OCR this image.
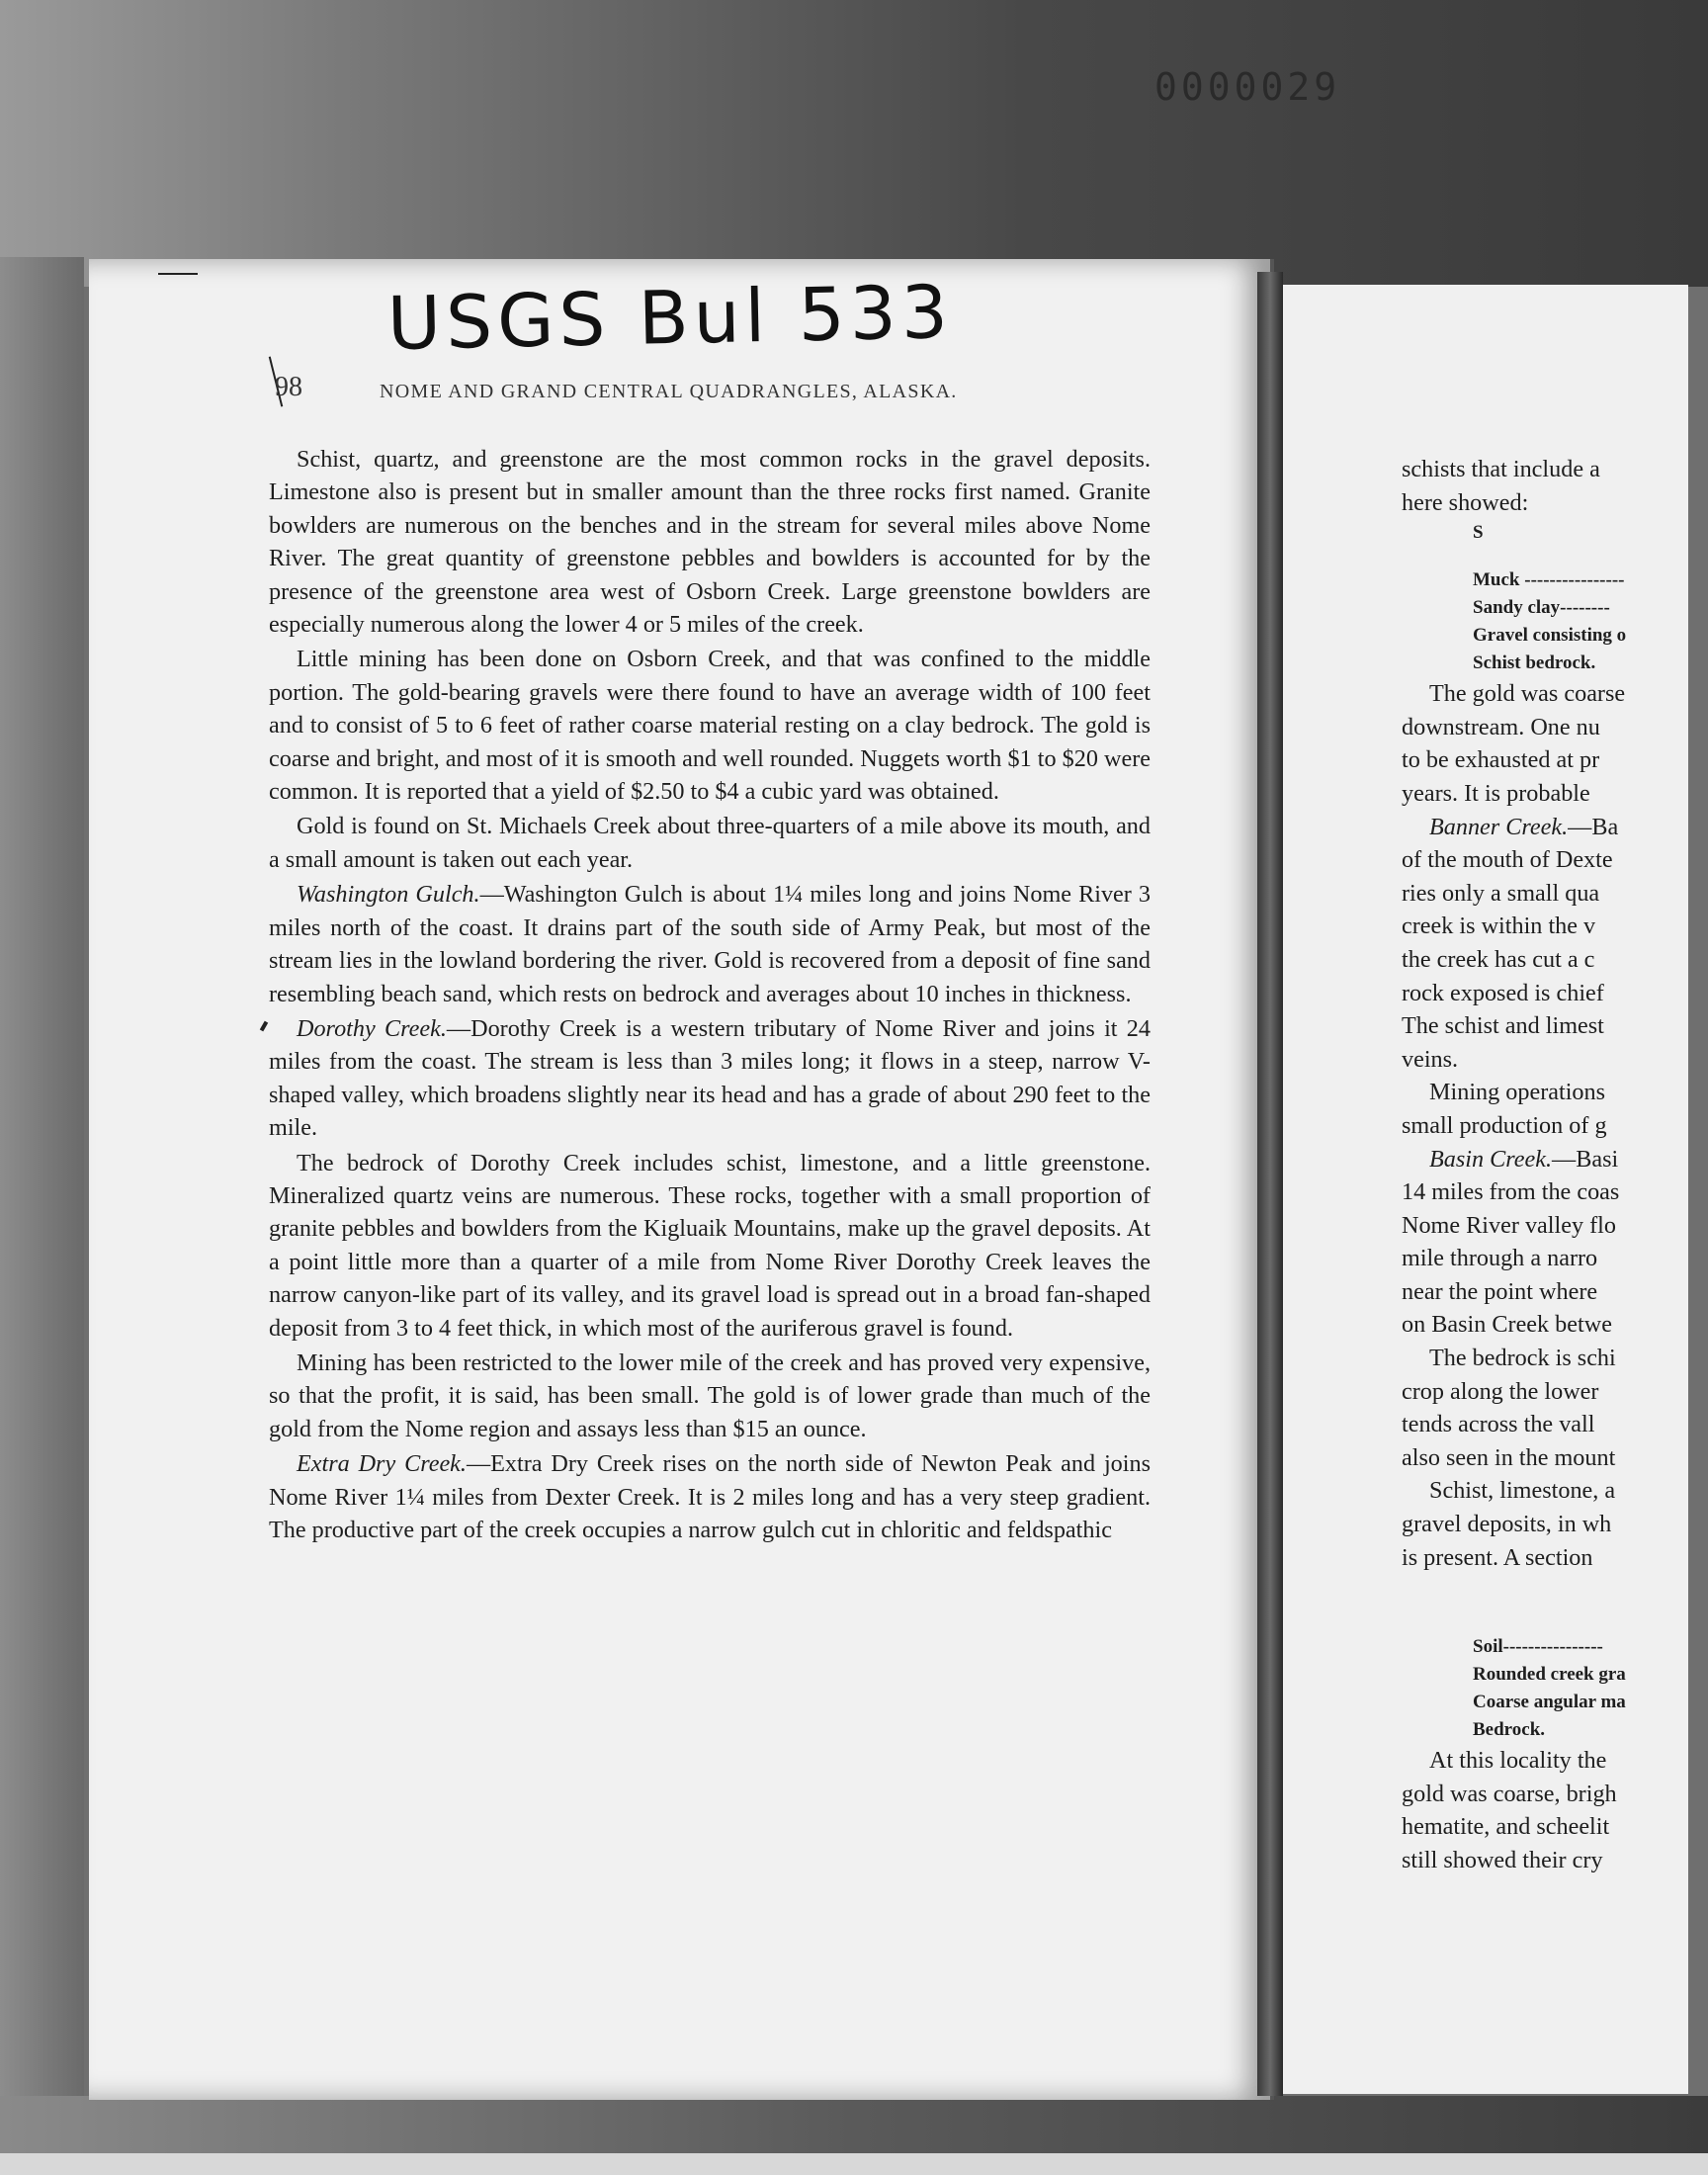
0000029
USGS Bul 533
98	NOME AND GRAND CENTRAL QUADRANGLES, ALASKA.

Schist, quartz, and greenstone are the most common rocks in the gravel deposits. Limestone also is present but in smaller amount than the three rocks first named. Granite bowlders are numerous on the benches and in the stream for several miles above Nome River. The great quantity of greenstone pebbles and bowlders is accounted for by the presence of the greenstone area west of Osborn Creek. Large greenstone bowlders are especially numerous along the lower 4 or 5 miles of the creek.

Little mining has been done on Osborn Creek, and that was confined to the middle portion. The gold-bearing gravels were there found to have an average width of 100 feet and to consist of 5 to 6 feet of rather coarse material resting on a clay bedrock. The gold is coarse and bright, and most of it is smooth and well rounded. Nuggets worth $1 to $20 were common. It is reported that a yield of $2.50 to $4 a cubic yard was obtained.

Gold is found on St. Michaels Creek about three-quarters of a mile above its mouth, and a small amount is taken out each year.

Washington Gulch.—Washington Gulch is about 1¼ miles long and joins Nome River 3 miles north of the coast. It drains part of the south side of Army Peak, but most of the stream lies in the lowland bordering the river. Gold is recovered from a deposit of fine sand resembling beach sand, which rests on bedrock and averages about 10 inches in thickness.

Dorothy Creek.—Dorothy Creek is a western tributary of Nome River and joins it 24 miles from the coast. The stream is less than 3 miles long; it flows in a steep, narrow V-shaped valley, which broadens slightly near its head and has a grade of about 290 feet to the mile.

The bedrock of Dorothy Creek includes schist, limestone, and a little greenstone. Mineralized quartz veins are numerous. These rocks, together with a small proportion of granite pebbles and bowlders from the Kigluaik Mountains, make up the gravel deposits. At a point little more than a quarter of a mile from Nome River Dorothy Creek leaves the narrow canyon-like part of its valley, and its gravel load is spread out in a broad fan-shaped deposit from 3 to 4 feet thick, in which most of the auriferous gravel is found.

Mining has been restricted to the lower mile of the creek and has proved very expensive, so that the profit, it is said, has been small. The gold is of lower grade than much of the gold from the Nome region and assays less than $15 an ounce.

Extra Dry Creek.—Extra Dry Creek rises on the north side of Newton Peak and joins Nome River 1¼ miles from Dexter Creek. It is 2 miles long and has a very steep gradient. The productive part of the creek occupies a narrow gulch cut in chloritic and feldspathic

schists that include a
here showed:
S
Muck ----------------
Sandy clay--------
Gravel consisting o
Schist bedrock.
The gold was coarse
downstream. One nu
to be exhausted at pr
years. It is probable
Banner Creek.—Ba
of the mouth of Dexte
ries only a small qua
creek is within the v
the creek has cut a c
rock exposed is chief
The schist and limest
veins.
Mining operations
small production of g
Basin Creek.—Basi
14 miles from the coas
Nome River valley flo
mile through a narro
near the point where
on Basin Creek betwe
The bedrock is schi
crop along the lower
tends across the vall
also seen in the mount
Schist, limestone, a
gravel deposits, in wh
is present. A section
Soil----------------
Rounded creek gra
Coarse angular ma
Bedrock.
At this locality the
gold was coarse, brigh
hematite, and scheelit
still showed their cry
